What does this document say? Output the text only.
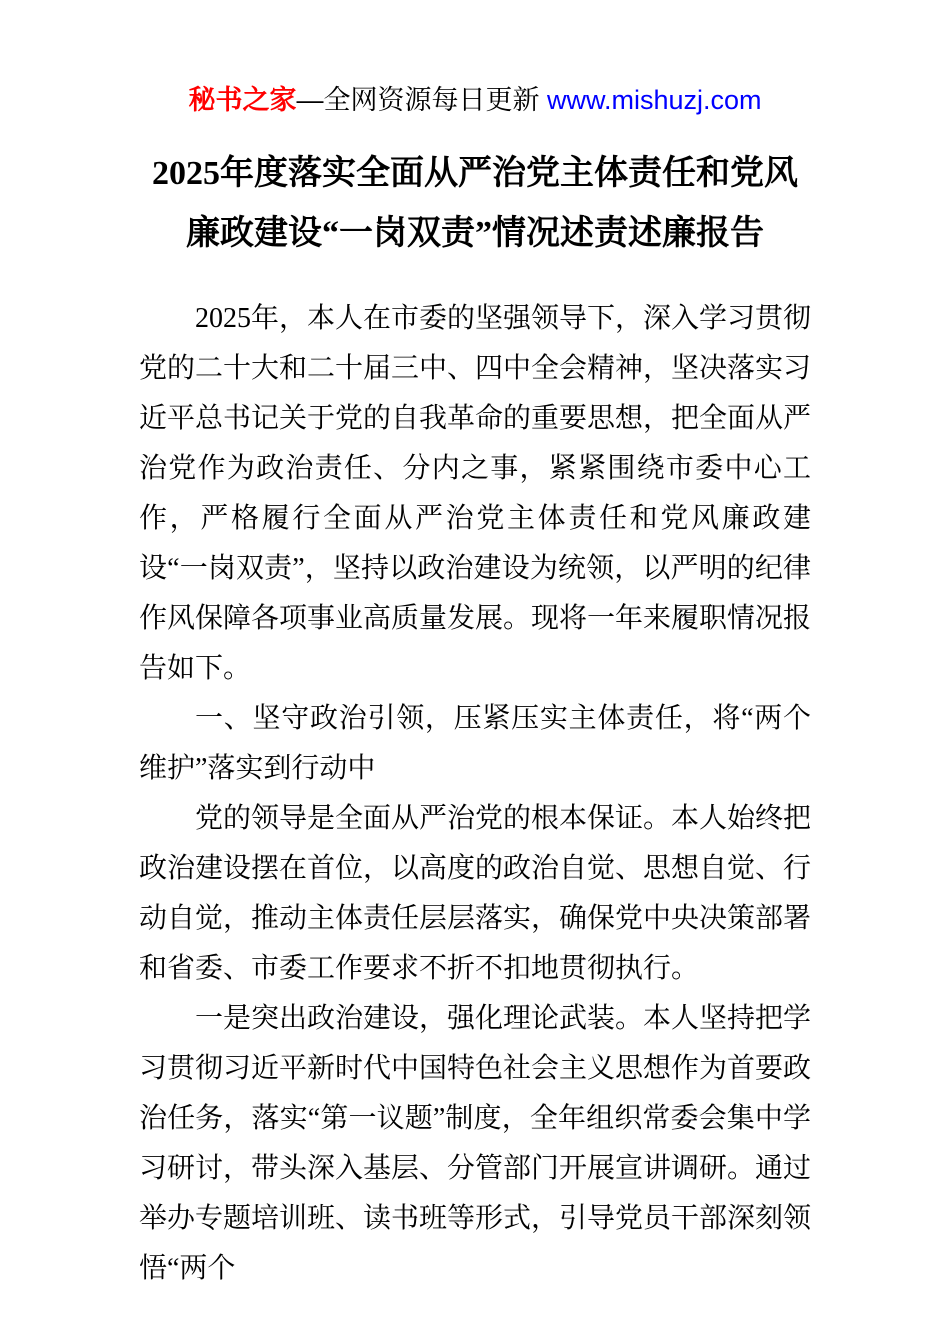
秘书之家—全网资源每日更新 www.mishuzj.com
2025年度落实全面从严治党主体责任和党风廉政建设“一岗双责”情况述责述廉报告

2025年，本人在市委的坚强领导下，深入学习贯彻党的二十大和二十届三中、四中全会精神，坚决落实习近平总书记关于党的自我革命的重要思想，把全面从严治党作为政治责任、分内之事，紧紧围绕市委中心工作，严格履行全面从严治党主体责任和党风廉政建设“一岗双责”，坚持以政治建设为统领，以严明的纪律作风保障各项事业高质量发展。现将一年来履职情况报告如下。

一、坚守政治引领，压紧压实主体责任，将“两个维护”落实到行动中

党的领导是全面从严治党的根本保证。本人始终把政治建设摆在首位，以高度的政治自觉、思想自觉、行动自觉，推动主体责任层层落实，确保党中央决策部署和省委、市委工作要求不折不扣地贯彻执行。

一是突出政治建设，强化理论武装。本人坚持把学习贯彻习近平新时代中国特色社会主义思想作为首要政治任务，落实“第一议题”制度，全年组织常委会集中学习研讨，带头深入基层、分管部门开展宣讲调研。通过举办专题培训班、读书班等形式，引导党员干部深刻领悟“两个
